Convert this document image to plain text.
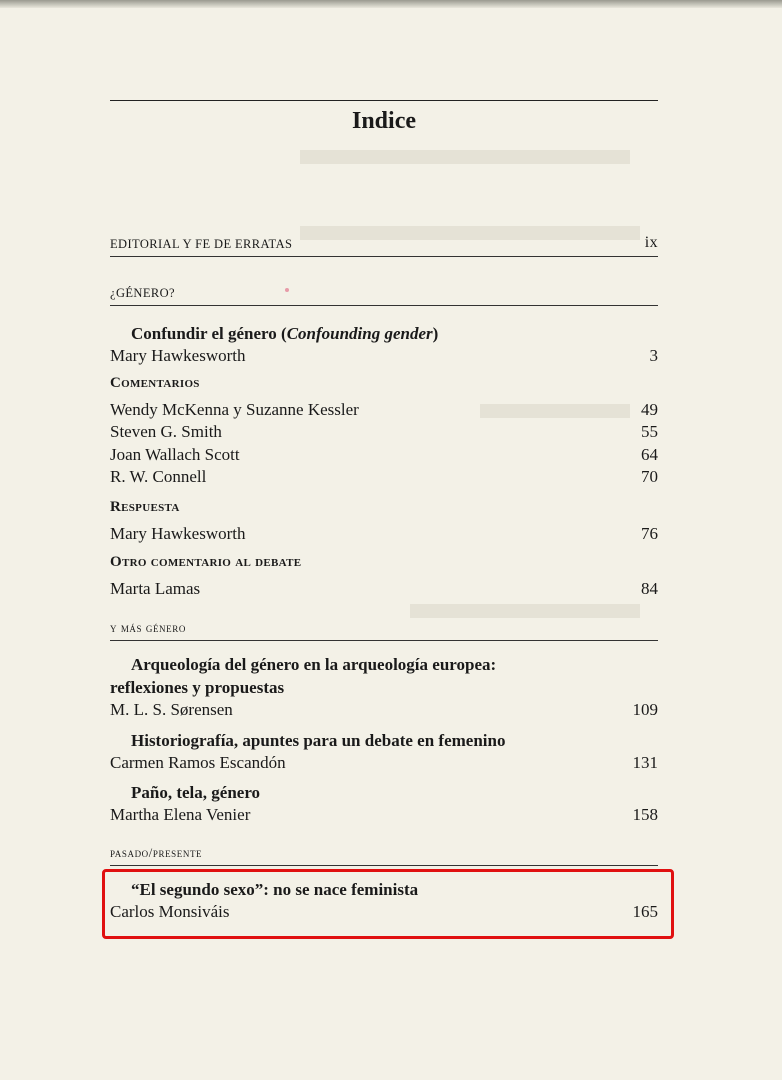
Indice
EDITORIAL Y FE DE ERRATAS	ix
¿GÉNERO?
Confundir el género (Confounding gender)
Mary Hawkesworth	3
Comentarios
Wendy McKenna y Suzanne Kessler	49
Steven G. Smith	55
Joan Wallach Scott	64
R. W. Connell	70
Respuesta
Mary Hawkesworth	76
Otro comentario al debate
Marta Lamas	84
y más género
Arqueología del género en la arqueología europea:
reflexiones y propuestas
M. L. S. Sørensen	109
Historiografía, apuntes para un debate en femenino
Carmen Ramos Escandón	131
Paño, tela, género
Martha Elena Venier	158
pasado/presente
“El segundo sexo”: no se nace feminista
Carlos Monsiváis	165
